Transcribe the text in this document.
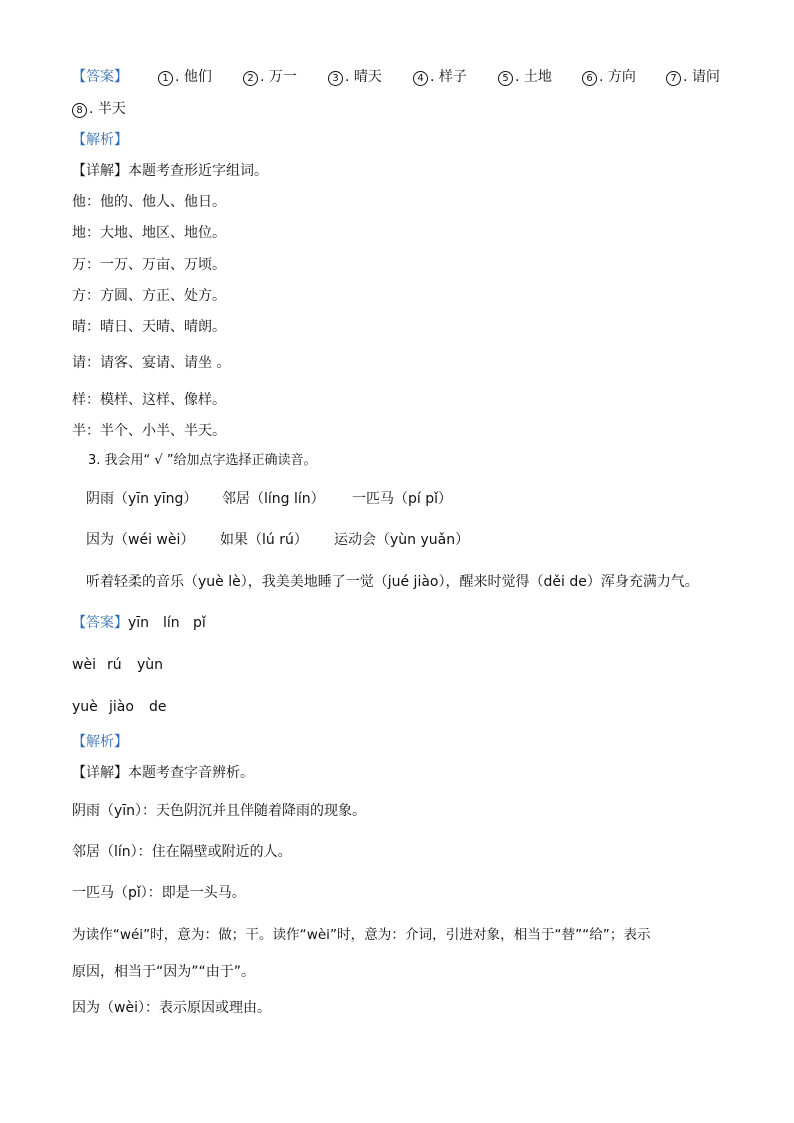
【答案】	1 . 他们	2 . 万一	3 . 晴天	4 . 样子	5 . 土地	6 . 方向	7 . 请问
8 . 半天
【解析】
【详解】本题考查形近字组词。
他：他的、他人、他日。
地：大地、地区、地位。
万：一万、万亩、万顷。
方：方圆、方正、处方。
晴：晴日、天晴、晴朗。
请：请客、宴请、请坐 。
样：模样、这样、像样。
半：半个、小半、半天。
3. 我会用“ √ ”给加点字选择正确读音。
阴雨（yīn yīng） 邻居（líng lín） 一匹马（pí pǐ）
因为（wéi wèi） 如果（lú rú） 运动会（yùn yuǎn）
听着轻柔的音乐（yuè lè），我美美地睡了一觉（jué jiào），醒来时觉得（děi de）浑身充满力气。
【答案】 yīn lín pǐ
wèi rú yùn
yuè jiào de
【解析】
【详解】本题考查字音辨析。
阴雨（yīn）：天色阴沉并且伴随着降雨的现象。
邻居（lín）：住在隔壁或附近的人。
一匹马（pǐ）：即是一头马。
为读作“wéi”时，意为：做；干。读作“wèi”时，意为：介词，引进对象，相当于“替”“给”；表示
原因，相当于“因为”“由于”。
因为（wèi）：表示原因或理由。
